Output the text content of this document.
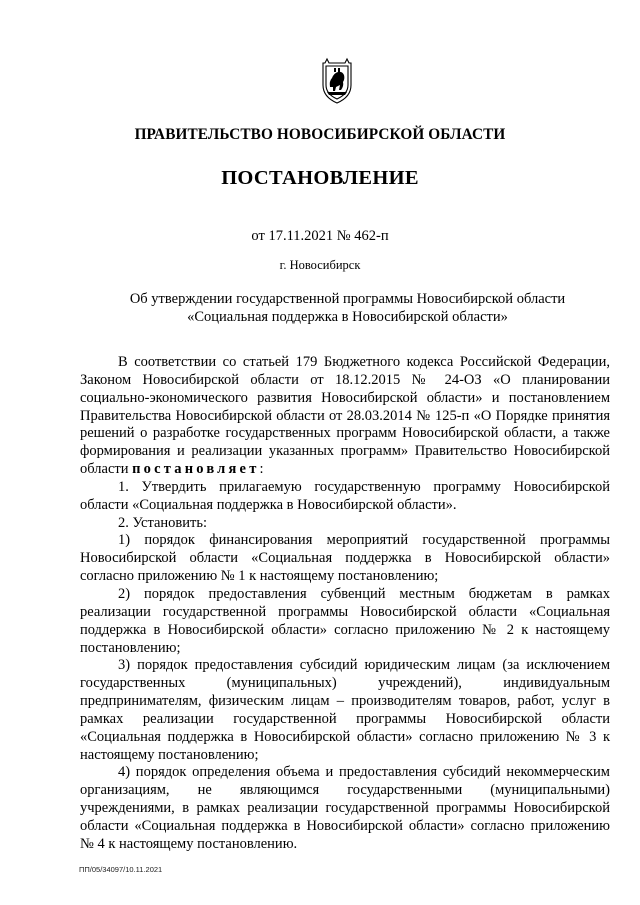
ПРАВИТЕЛЬСТВО НОВОСИБИРСКОЙ ОБЛАСТИ
ПОСТАНОВЛЕНИЕ
от 17.11.2021 № 462-п
г. Новосибирск
Об утверждении государственной программы Новосибирской области
«Социальная поддержка в Новосибирской области»

В соответствии со статьей 179 Бюджетного кодекса Российской Федерации, Законом Новосибирской области от 18.12.2015 № 24-ОЗ «О планировании социально-экономического развития Новосибирской области» и постановлением Правительства Новосибирской области от 28.03.2014 № 125-п «О Порядке принятия решений о разработке государственных программ Новосибирской области, а также формирования и реализации указанных программ» Правительство Новосибирской области постановляет:

1. Утвердить прилагаемую государственную программу Новосибирской области «Социальная поддержка в Новосибирской области».

2. Установить:

1) порядок финансирования мероприятий государственной программы Новосибирской области «Социальная поддержка в Новосибирской области» согласно приложению № 1 к настоящему постановлению;

2) порядок предоставления субвенций местным бюджетам в рамках реализации государственной программы Новосибирской области «Социальная поддержка в Новосибирской области» согласно приложению № 2 к настоящему постановлению;

3) порядок предоставления субсидий юридическим лицам (за исключением государственных (муниципальных) учреждений), индивидуальным предпринимателям, физическим лицам – производителям товаров, работ, услуг в рамках реализации государственной программы Новосибирской области «Социальная поддержка в Новосибирской области» согласно приложению № 3 к настоящему постановлению;

4) порядок определения объема и предоставления субсидий некоммерческим организациям, не являющимся государственными (муниципальными) учреждениями, в рамках реализации государственной программы Новосибирской области «Социальная поддержка в Новосибирской области» согласно приложению № 4 к настоящему постановлению.

ПП/05/34097/10.11.2021
